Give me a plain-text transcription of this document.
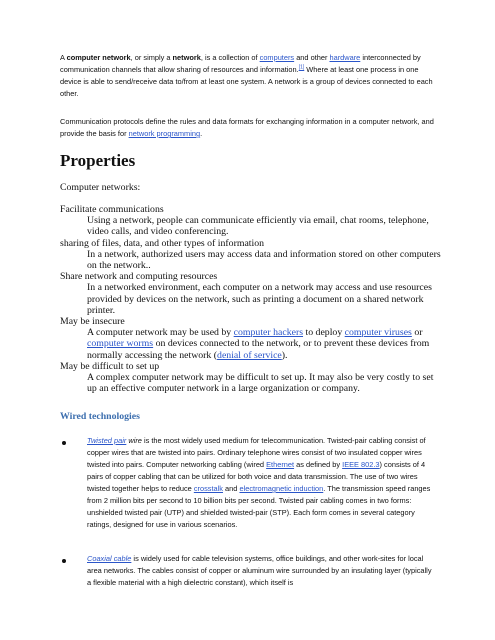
A computer network, or simply a network, is a collection of computers and other hardware interconnected by communication channels that allow sharing of resources and information.[1] Where at least one process in one device is able to send/receive data to/from at least one system. A network is a group of devices connected to each other.
Communication protocols define the rules and data formats for exchanging information in a computer network, and provide the basis for network programming.
Properties
Computer networks:

Facilitate communications

Using a network, people can communicate efficiently via email, chat rooms, telephone, video calls, and video conferencing.

sharing of files, data, and other types of information

In a network, authorized users may access data and information stored on other computers on the network..

Share network and computing resources

In a networked environment, each computer on a network may access and use resources provided by devices on the network, such as printing a document on a shared network printer.

May be insecure

A computer network may be used by computer hackers to deploy computer viruses or computer worms on devices connected to the network, or to prevent these devices from normally accessing the network (denial of service).

May be difficult to set up

A complex computer network may be difficult to set up. It may also be very costly to set up an effective computer network in a large organization or company.

Wired technologies
Twisted pair wire is the most widely used medium for telecommunication. Twisted-pair cabling consist of copper wires that are twisted into pairs. Ordinary telephone wires consist of two insulated copper wires twisted into pairs. Computer networking cabling (wired Ethernet as defined by IEEE 802.3) consists of 4 pairs of copper cabling that can be utilized for both voice and data transmission. The use of two wires twisted together helps to reduce crosstalk and electromagnetic induction. The transmission speed ranges from 2 million bits per second to 10 billion bits per second. Twisted pair cabling comes in two forms: unshielded twisted pair (UTP) and shielded twisted-pair (STP). Each form comes in several category ratings, designed for use in various scenarios.
Coaxial cable is widely used for cable television systems, office buildings, and other work-sites for local area networks. The cables consist of copper or aluminum wire surrounded by an insulating layer (typically a flexible material with a high dielectric constant), which itself is
